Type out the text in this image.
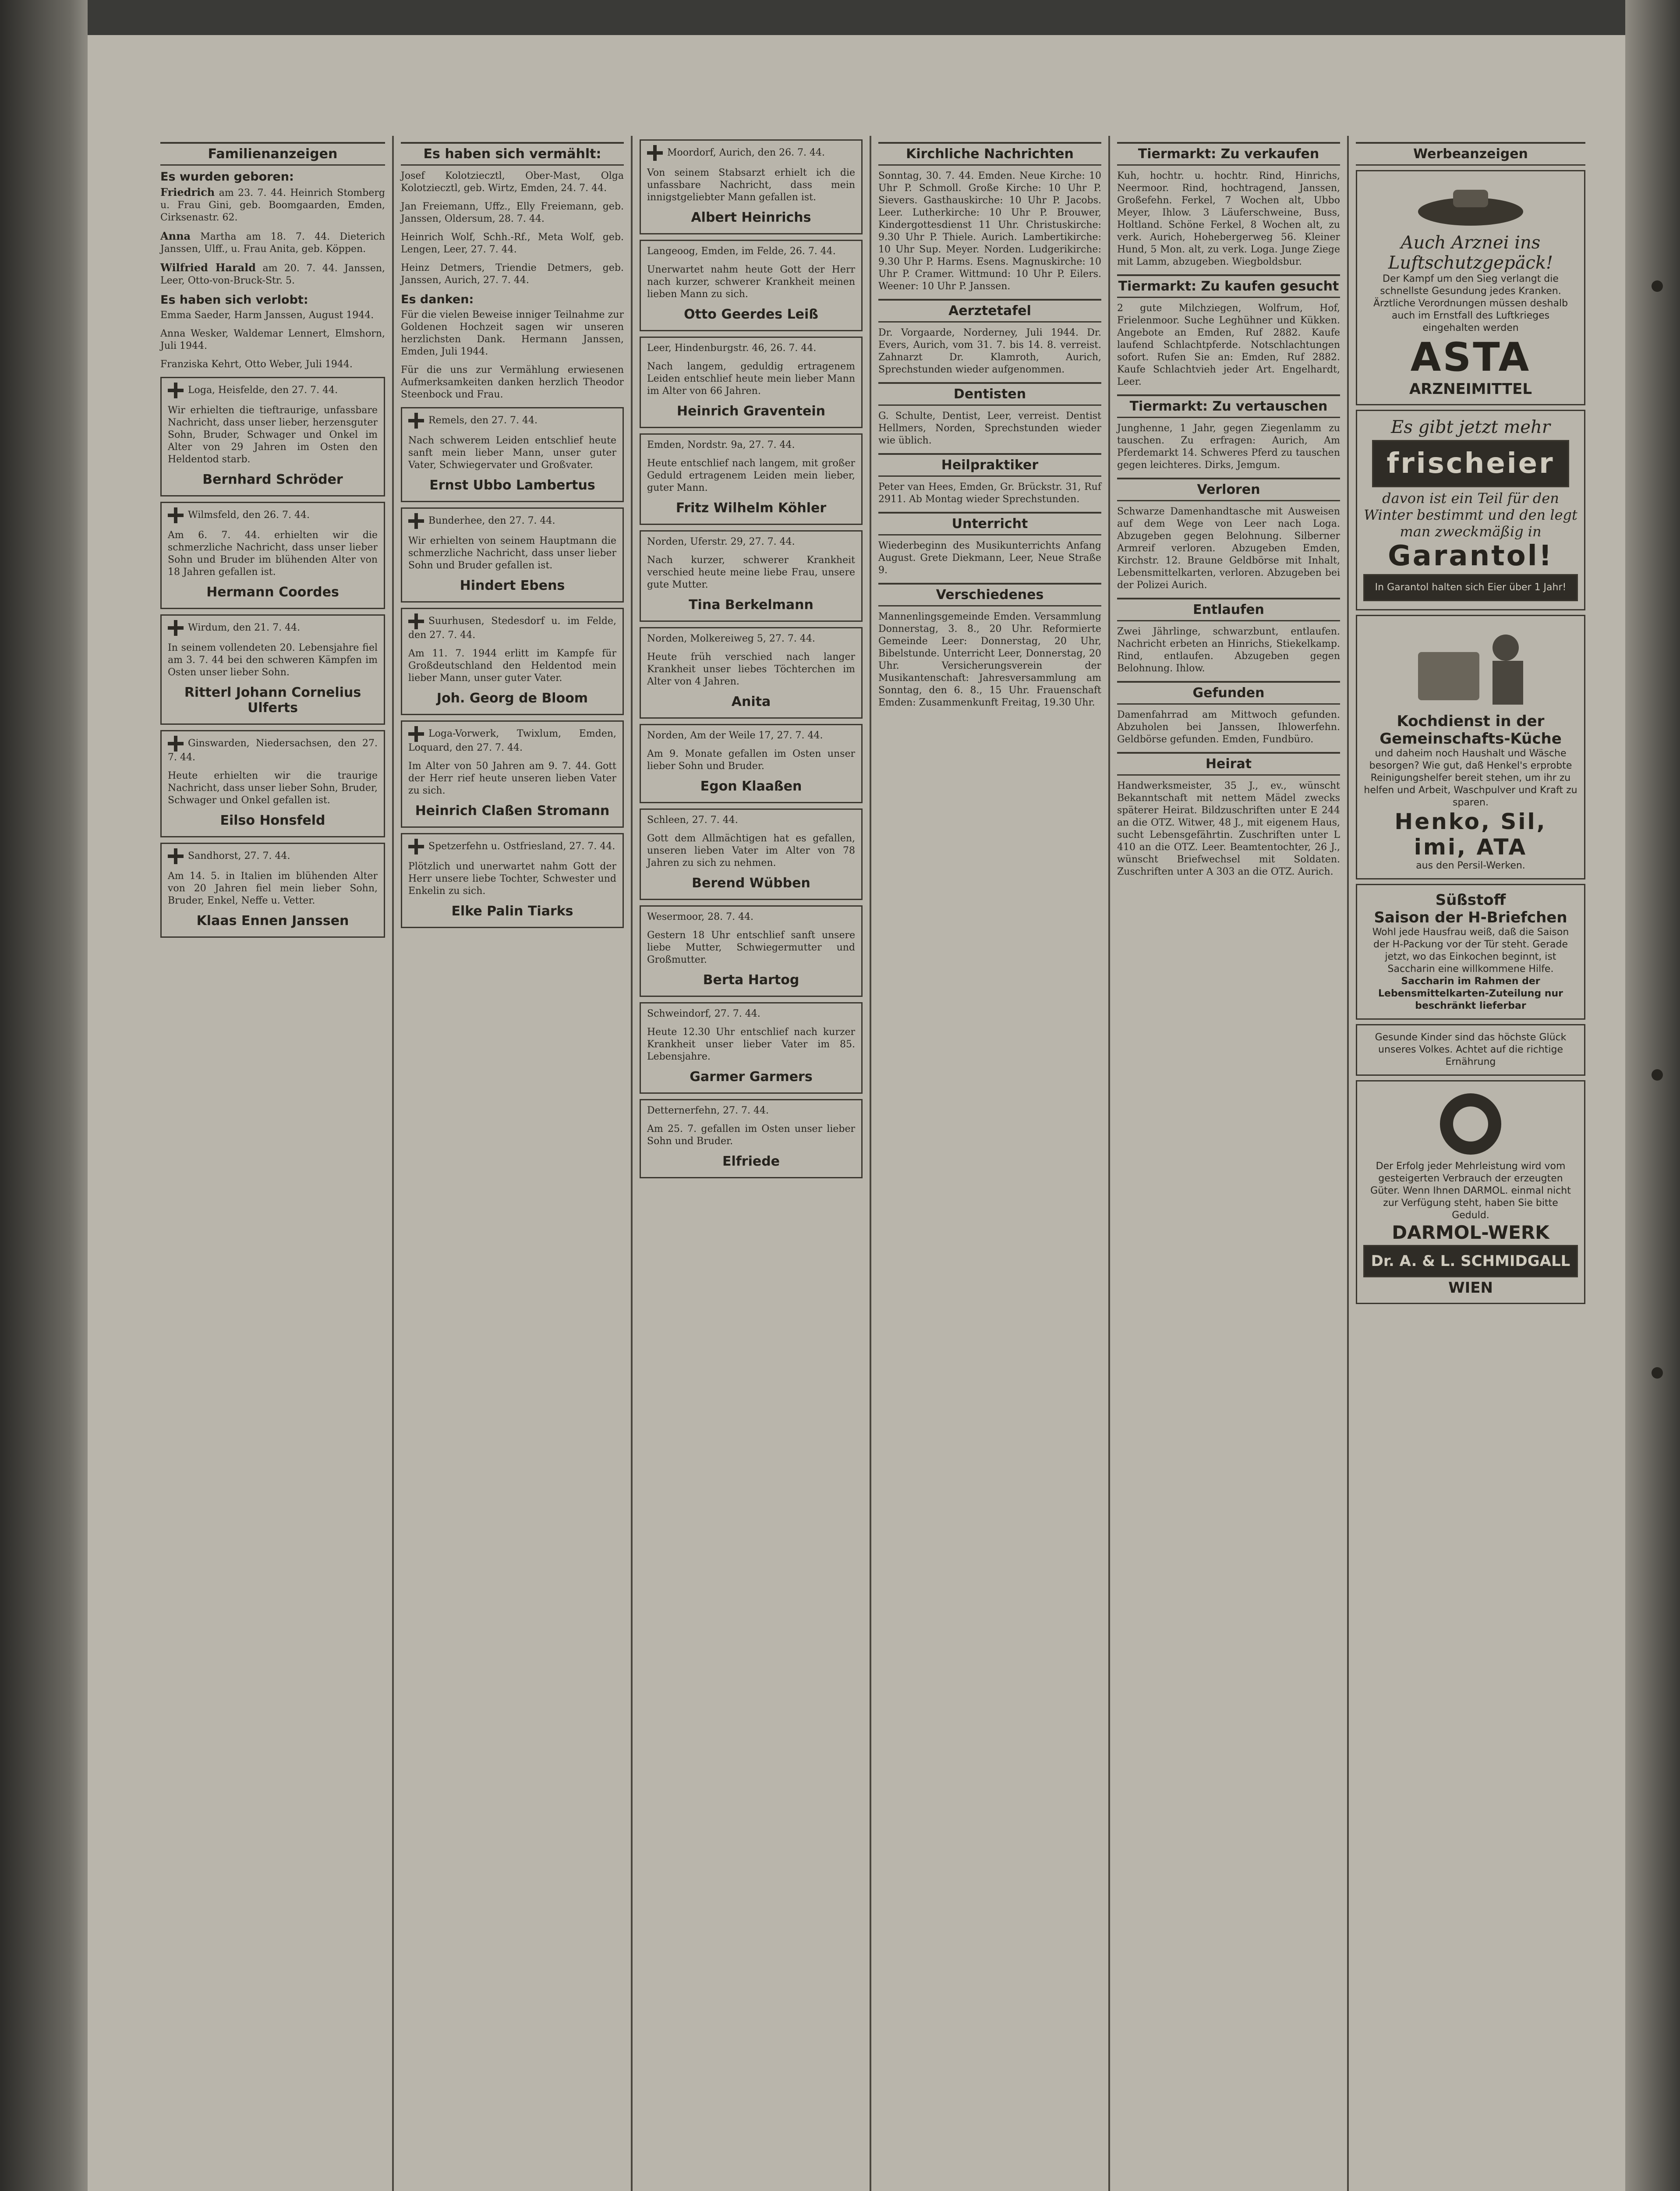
Familienanzeigen
Es wurden geboren:
Friedrich am 23. 7. 44. Heinrich Stomberg u. Frau Gini, geb. Boomgaarden, Emden, Cirksenastr. 62.
Anna Martha am 18. 7. 44. Dieterich Janssen, Ulff., u. Frau Anita, geb. Köppen.
Wilfried Harald am 20. 7. 44. Janssen, Leer, Otto-von-Bruck-Str. 5.
Es haben sich verlobt:
Emma Saeder, Harm Janssen, August 1944.
Anna Wesker, Waldemar Lennert, Elmshorn, Juli 1944.
Franziska Kehrt, Otto Weber, Juli 1944.
Loga, Heisfelde, den 27. 7. 44.
Wir erhielten die tieftraurige, unfassbare Nachricht, dass unser lieber, herzensguter Sohn, Bruder, Schwager und Onkel im Alter von 29 Jahren im Osten den Heldentod starb.
Bernhard Schröder
Wilmsfeld, den 26. 7. 44.
Am 6. 7. 44. erhielten wir die schmerzliche Nachricht, dass unser lieber Sohn und Bruder im blühenden Alter von 18 Jahren gefallen ist.
Hermann Coordes
Wirdum, den 21. 7. 44.
In seinem vollendeten 20. Lebensjahre fiel am 3. 7. 44 bei den schweren Kämpfen im Osten unser lieber Sohn.
Ritterl Johann Cornelius Ulferts
Ginswarden, Niedersachsen, den 27. 7. 44.
Heute erhielten wir die traurige Nachricht, dass unser lieber Sohn, Bruder, Schwager und Onkel gefallen ist.
Eilso Honsfeld
Sandhorst, 27. 7. 44.
Am 14. 5. in Italien im blühenden Alter von 20 Jahren fiel mein lieber Sohn, Bruder, Enkel, Neffe u. Vetter.
Klaas Ennen Janssen
Es haben sich vermählt:
Josef Kolotziecztl, Ober-Mast, Olga Kolotziecztl, geb. Wirtz, Emden, 24. 7. 44.
Jan Freiemann, Uffz., Elly Freiemann, geb. Janssen, Oldersum, 28. 7. 44.
Heinrich Wolf, Schh.-Rf., Meta Wolf, geb. Lengen, Leer, 27. 7. 44.
Heinz Detmers, Triendie Detmers, geb. Janssen, Aurich, 27. 7. 44.
Es danken:
Für die vielen Beweise inniger Teilnahme zur Goldenen Hochzeit sagen wir unseren herzlichsten Dank. Hermann Janssen, Emden, Juli 1944.
Für die uns zur Vermählung erwiesenen Aufmerksamkeiten danken herzlich Theodor Steenbock und Frau.
Remels, den 27. 7. 44.
Nach schwerem Leiden entschlief heute sanft mein lieber Mann, unser guter Vater, Schwiegervater und Großvater.
Ernst Ubbo Lambertus
Bunderhee, den 27. 7. 44.
Wir erhielten von seinem Hauptmann die schmerzliche Nachricht, dass unser lieber Sohn und Bruder gefallen ist.
Hindert Ebens
Suurhusen, Stedesdorf u. im Felde, den 27. 7. 44.
Am 11. 7. 1944 erlitt im Kampfe für Großdeutschland den Heldentod mein lieber Mann, unser guter Vater.
Joh. Georg de Bloom
Loga-Vorwerk, Twixlum, Emden, Loquard, den 27. 7. 44.
Im Alter von 50 Jahren am 9. 7. 44. Gott der Herr rief heute unseren lieben Vater zu sich.
Heinrich Claßen Stromann
Spetzerfehn u. Ostfriesland, 27. 7. 44.
Plötzlich und unerwartet nahm Gott der Herr unsere liebe Tochter, Schwester und Enkelin zu sich.
Elke Palin Tiarks
Moordorf, Aurich, den 26. 7. 44.
Von seinem Stabsarzt erhielt ich die unfassbare Nachricht, dass mein innigstgeliebter Mann gefallen ist.
Albert Heinrichs
Langeoog, Emden, im Felde, 26. 7. 44.
Unerwartet nahm heute Gott der Herr nach kurzer, schwerer Krankheit meinen lieben Mann zu sich.
Otto Geerdes Leiß
Leer, Hindenburgstr. 46, 26. 7. 44.
Nach langem, geduldig ertragenem Leiden entschlief heute mein lieber Mann im Alter von 66 Jahren.
Heinrich Graventein
Emden, Nordstr. 9a, 27. 7. 44.
Heute entschlief nach langem, mit großer Geduld ertragenem Leiden mein lieber, guter Mann.
Fritz Wilhelm Köhler
Norden, Uferstr. 29, 27. 7. 44.
Nach kurzer, schwerer Krankheit verschied heute meine liebe Frau, unsere gute Mutter.
Tina Berkelmann
Norden, Molkereiweg 5, 27. 7. 44.
Heute früh verschied nach langer Krankheit unser liebes Töchterchen im Alter von 4 Jahren.
Anita
Norden, Am der Weile 17, 27. 7. 44.
Am 9. Monate gefallen im Osten unser lieber Sohn und Bruder.
Egon Klaaßen
Schleen, 27. 7. 44.
Gott dem Allmächtigen hat es gefallen, unseren lieben Vater im Alter von 78 Jahren zu sich zu nehmen.
Berend Wübben
Wesermoor, 28. 7. 44.
Gestern 18 Uhr entschlief sanft unsere liebe Mutter, Schwiegermutter und Großmutter.
Berta Hartog
Schweindorf, 27. 7. 44.
Heute 12.30 Uhr entschlief nach kurzer Krankheit unser lieber Vater im 85. Lebensjahre.
Garmer Garmers
Detternerfehn, 27. 7. 44.
Am 25. 7. gefallen im Osten unser lieber Sohn und Bruder.
Elfriede
Kirchliche Nachrichten
Sonntag, 30. 7. 44. Emden. Neue Kirche: 10 Uhr P. Schmoll. Große Kirche: 10 Uhr P. Sievers. Gasthauskirche: 10 Uhr P. Jacobs. Leer. Lutherkirche: 10 Uhr P. Brouwer, Kindergottesdienst 11 Uhr. Christuskirche: 9.30 Uhr P. Thiele. Aurich. Lambertikirche: 10 Uhr Sup. Meyer. Norden. Ludgerikirche: 9.30 Uhr P. Harms. Esens. Magnuskirche: 10 Uhr P. Cramer. Wittmund: 10 Uhr P. Eilers. Weener: 10 Uhr P. Janssen.
Aerztetafel
Dr. Vorgaarde, Norderney, Juli 1944. Dr. Evers, Aurich, vom 31. 7. bis 14. 8. verreist. Zahnarzt Dr. Klamroth, Aurich, Sprechstunden wieder aufgenommen.
Dentisten
G. Schulte, Dentist, Leer, verreist. Dentist Hellmers, Norden, Sprechstunden wieder wie üblich.
Heilpraktiker
Peter van Hees, Emden, Gr. Brückstr. 31, Ruf 2911. Ab Montag wieder Sprechstunden.
Unterricht
Wiederbeginn des Musikunterrichts Anfang August. Grete Diekmann, Leer, Neue Straße 9.
Verschiedenes
Mannenlingsgemeinde Emden. Versammlung Donnerstag, 3. 8., 20 Uhr. Reformierte Gemeinde Leer: Donnerstag, 20 Uhr, Bibelstunde. Unterricht Leer, Donnerstag, 20 Uhr. Versicherungsverein der Musikantenschaft: Jahresversammlung am Sonntag, den 6. 8., 15 Uhr. Frauenschaft Emden: Zusammenkunft Freitag, 19.30 Uhr.
Tiermarkt: Zu verkaufen
Kuh, hochtr. u. hochtr. Rind, Hinrichs, Neermoor. Rind, hochtragend, Janssen, Großefehn. Ferkel, 7 Wochen alt, Ubbo Meyer, Ihlow. 3 Läuferschweine, Buss, Holtland. Schöne Ferkel, 8 Wochen alt, zu verk. Aurich, Hohebergerweg 56. Kleiner Hund, 5 Mon. alt, zu verk. Loga. Junge Ziege mit Lamm, abzugeben. Wiegboldsbur.
Tiermarkt: Zu kaufen gesucht
2 gute Milchziegen, Wolfrum, Hof, Frielenmoor. Suche Leghühner und Kükken. Angebote an Emden, Ruf 2882. Kaufe laufend Schlachtpferde. Notschlachtungen sofort. Rufen Sie an: Emden, Ruf 2882. Kaufe Schlachtvieh jeder Art. Engelhardt, Leer.
Tiermarkt: Zu vertauschen
Junghenne, 1 Jahr, gegen Ziegenlamm zu tauschen. Zu erfragen: Aurich, Am Pferdemarkt 14. Schweres Pferd zu tauschen gegen leichteres. Dirks, Jemgum.
Verloren
Schwarze Damenhandtasche mit Ausweisen auf dem Wege von Leer nach Loga. Abzugeben gegen Belohnung. Silberner Armreif verloren. Abzugeben Emden, Kirchstr. 12. Braune Geldbörse mit Inhalt, Lebensmittelkarten, verloren. Abzugeben bei der Polizei Aurich.
Entlaufen
Zwei Jährlinge, schwarzbunt, entlaufen. Nachricht erbeten an Hinrichs, Stiekelkamp. Rind, entlaufen. Abzugeben gegen Belohnung. Ihlow.
Gefunden
Damenfahrrad am Mittwoch gefunden. Abzuholen bei Janssen, Ihlowerfehn. Geldbörse gefunden. Emden, Fundbüro.
Heirat
Handwerksmeister, 35 J., ev., wünscht Bekanntschaft mit nettem Mädel zwecks späterer Heirat. Bildzuschriften unter E 244 an die OTZ. Witwer, 48 J., mit eigenem Haus, sucht Lebensgefährtin. Zuschriften unter L 410 an die OTZ. Leer. Beamtentochter, 26 J., wünscht Briefwechsel mit Soldaten. Zuschriften unter A 303 an die OTZ. Aurich.
Werbeanzeigen
Auch Arznei ins Luftschutzgepäck!
Der Kampf um den Sieg verlangt die schnellste Gesundung jedes Kranken. Ärztliche Verordnungen müssen deshalb auch im Ernstfall des Luftkrieges eingehalten werden
ASTA
ARZNEIMITTEL
Es gibt jetzt mehr
frischeier
davon ist ein Teil für den Winter bestimmt und den legt man zweckmäßig in
Garantol!
In Garantol halten sich Eier über 1 Jahr!
Kochdienst in der Gemeinschafts-Küche
und daheim noch Haushalt und Wäsche besorgen? Wie gut, daß Henkel's erprobte Reinigungshelfer bereit stehen, um ihr zu helfen und Arbeit, Waschpulver und Kraft zu sparen.
Henko, Sil, imi, ATA
aus den Persil-Werken.
Süßstoff
Saison der H-Briefchen
Wohl jede Hausfrau weiß, daß die Saison der H-Packung vor der Tür steht. Gerade jetzt, wo das Einkochen beginnt, ist Saccharin eine willkommene Hilfe.
Saccharin im Rahmen der Lebensmittelkarten-Zuteilung nur beschränkt lieferbar
Gesunde Kinder sind das höchste Glück unseres Volkes. Achtet auf die richtige Ernährung
Der Erfolg jeder Mehrleistung wird vom gesteigerten Verbrauch der erzeugten Güter. Wenn Ihnen DARMOL. einmal nicht zur Verfügung steht, haben Sie bitte Geduld.
DARMOL-WERK
Dr. A. & L. SCHMIDGALL
WIEN
